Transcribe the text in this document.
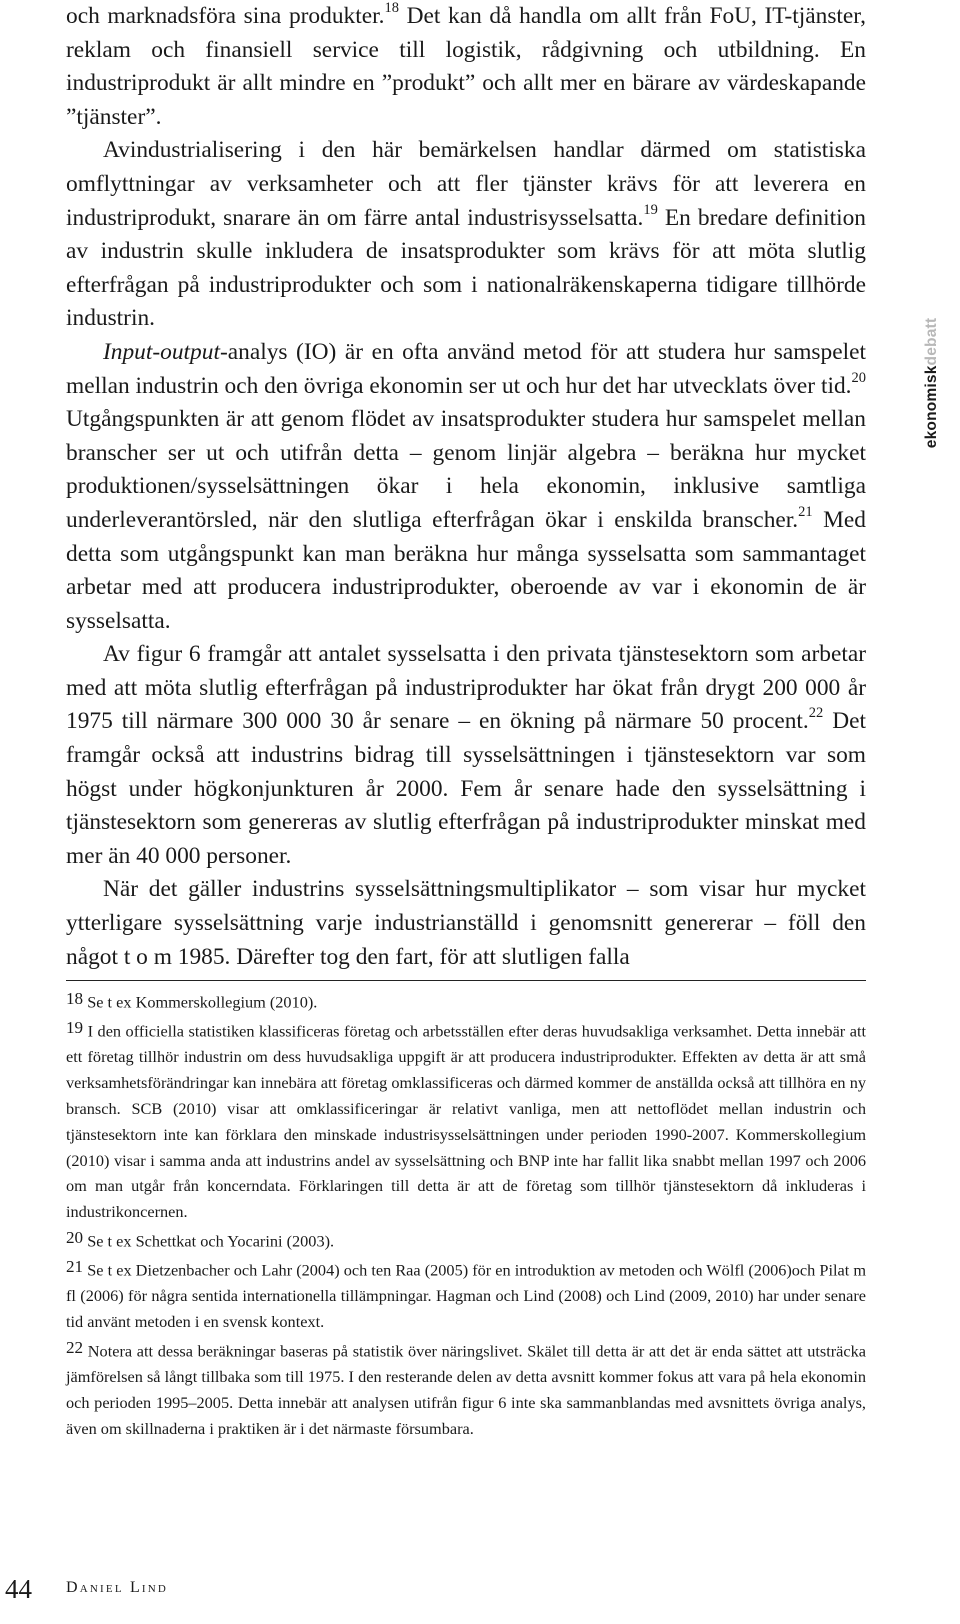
och marknadsföra sina produkter.$^{18}$ Det kan då handla om allt från FoU, IT-tjänster, reklam och finansiell service till logistik, rådgivning och utbildning. En industriprodukt är allt mindre en ”produkt” och allt mer en bärare av värdeskapande ”tjänster”.

Avindustrialisering i den här bemärkelsen handlar därmed om statistiska omflyttningar av verksamheter och att fler tjänster krävs för att leverera en industriprodukt, snarare än om färre antal industrisysselsatta.$^{19}$ En bredare definition av industrin skulle inkludera de insatsprodukter som krävs för att möta slutlig efterfrågan på industriprodukter och som i nationalräkenskaperna tidigare tillhörde industrin.

Input-output-analys (IO) är en ofta använd metod för att studera hur samspelet mellan industrin och den övriga ekonomin ser ut och hur det har utvecklats över tid.$^{20}$ Utgångspunkten är att genom flödet av insatsprodukter studera hur samspelet mellan branscher ser ut och utifrån detta – genom linjär algebra – beräkna hur mycket produktionen/sysselsättningen ökar i hela ekonomin, inklusive samtliga underleverantörsled, när den slutliga efterfrågan ökar i enskilda branscher.$^{21}$ Med detta som utgångspunkt kan man beräkna hur många sysselsatta som sammantaget arbetar med att producera industriprodukter, oberoende av var i ekonomin de är sysselsatta.

Av figur 6 framgår att antalet sysselsatta i den privata tjänstesektorn som arbetar med att möta slutlig efterfrågan på industriprodukter har ökat från drygt 200 000 år 1975 till närmare 300 000 30 år senare – en ökning på närmare 50 procent.$^{22}$ Det framgår också att industrins bidrag till sysselsättningen i tjänstesektorn var som högst under högkonjunkturen år 2000. Fem år senare hade den sysselsättning i tjänstesektorn som genereras av slutlig efterfrågan på industriprodukter minskat med mer än 40 000 personer.

När det gäller industrins sysselsättningsmultiplikator – som visar hur mycket ytterligare sysselsättning varje industrianställd i genomsnitt genererar – föll den något t o m 1985. Därefter tog den fart, för att slutligen falla

18 Se t ex Kommerskollegium (2010).

19 I den officiella statistiken klassificeras företag och arbetsställen efter deras huvudsakliga verksamhet. Detta innebär att ett företag tillhör industrin om dess huvudsakliga uppgift är att producera industriprodukter. Effekten av detta är att små verksamhetsförändringar kan innebära att företag omklassificeras och därmed kommer de anställda också att tillhöra en ny bransch. SCB (2010) visar att omklassificeringar är relativt vanliga, men att nettoflödet mellan industrin och tjänstesektorn inte kan förklara den minskade industrisysselsättningen under perioden 1990-2007. Kommerskollegium (2010) visar i samma anda att industrins andel av sysselsättning och BNP inte har fallit lika snabbt mellan 1997 och 2006 om man utgår från koncerndata. Förklaringen till detta är att de företag som tillhör tjänstesektorn då inkluderas i industrikoncernen.

20 Se t ex Schettkat och Yocarini (2003).

21 Se t ex Dietzenbacher och Lahr (2004) och ten Raa (2005) för en introduktion av metoden och Wölfl (2006)och Pilat m fl (2006) för några sentida internationella tillämpningar. Hagman och Lind (2008) och Lind (2009, 2010) har under senare tid använt metoden i en svensk kontext.

22 Notera att dessa beräkningar baseras på statistik över näringslivet. Skälet till detta är att det är enda sättet att utsträcka jämförelsen så långt tillbaka som till 1975. I den resterande delen av detta avsnitt kommer fokus att vara på hela ekonomin och perioden 1995–2005. Detta innebär att analysen utifrån figur 6 inte ska sammanblandas med avsnittets övriga analys, även om skillnaderna i praktiken är i det närmaste försumbara.

ekonomiskdebatt
44 Daniel Lind
